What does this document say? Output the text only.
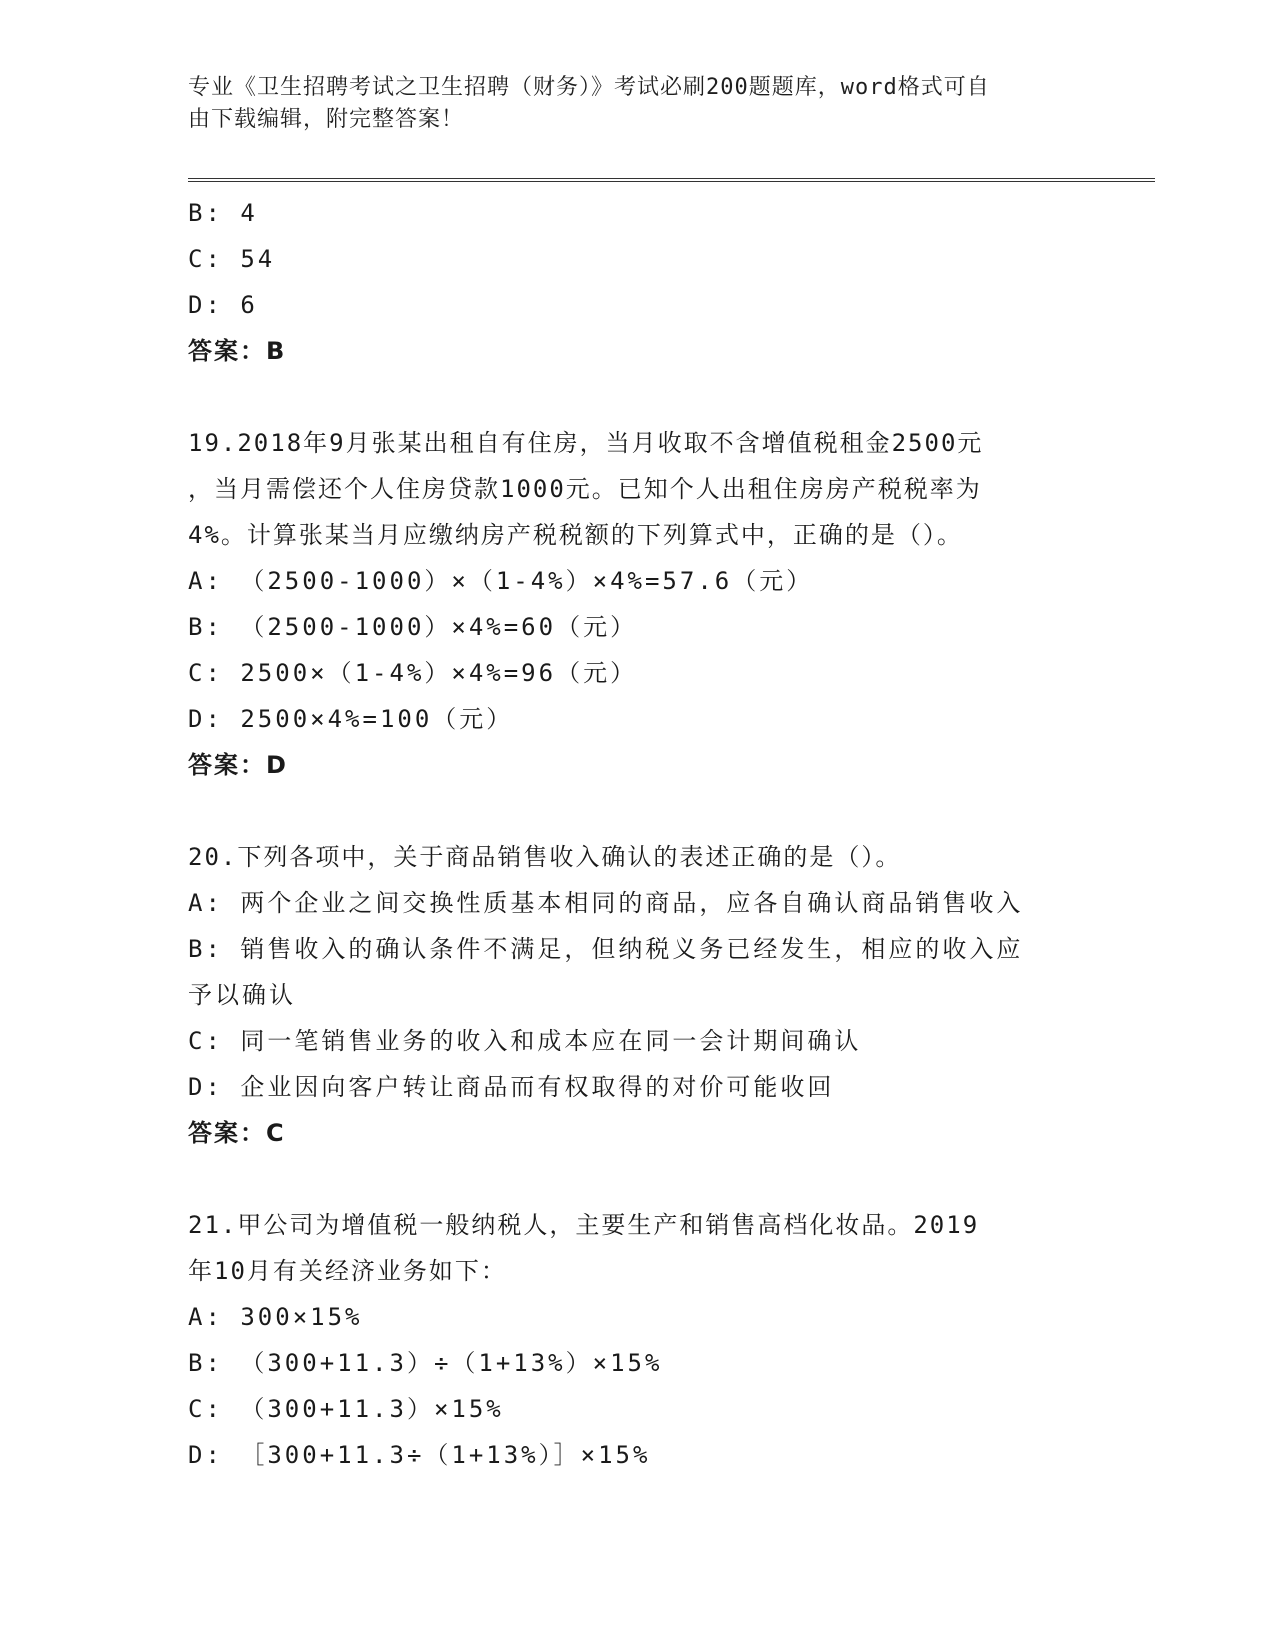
专业《卫生招聘考试之卫生招聘（财务）》考试必刷200题题库，word格式可自
由下载编辑，附完整答案！
B: 4
C: 54
D: 6
答案：B
19.2018年9月张某出租自有住房，当月收取不含增值税租金2500元
，当月需偿还个人住房贷款1000元。已知个人出租住房房产税税率为
4%。计算张某当月应缴纳房产税税额的下列算式中，正确的是（）。
A: （2500-1000）×（1-4%）×4%=57.6（元）
B: （2500-1000）×4%=60（元）
C: 2500×（1-4%）×4%=96（元）
D: 2500×4%=100（元）
答案：D
20.下列各项中，关于商品销售收入确认的表述正确的是（）。
A: 两个企业之间交换性质基本相同的商品，应各自确认商品销售收入
B: 销售收入的确认条件不满足，但纳税义务已经发生，相应的收入应
予以确认
C: 同一笔销售业务的收入和成本应在同一会计期间确认
D: 企业因向客户转让商品而有权取得的对价可能收回
答案：C
21.甲公司为增值税一般纳税人，主要生产和销售高档化妆品。2019
年10月有关经济业务如下：
A: 300×15%
B: （300+11.3）÷（1+13%）×15%
C: （300+11.3）×15%
D: ［300+11.3÷（1+13%）］×15%
